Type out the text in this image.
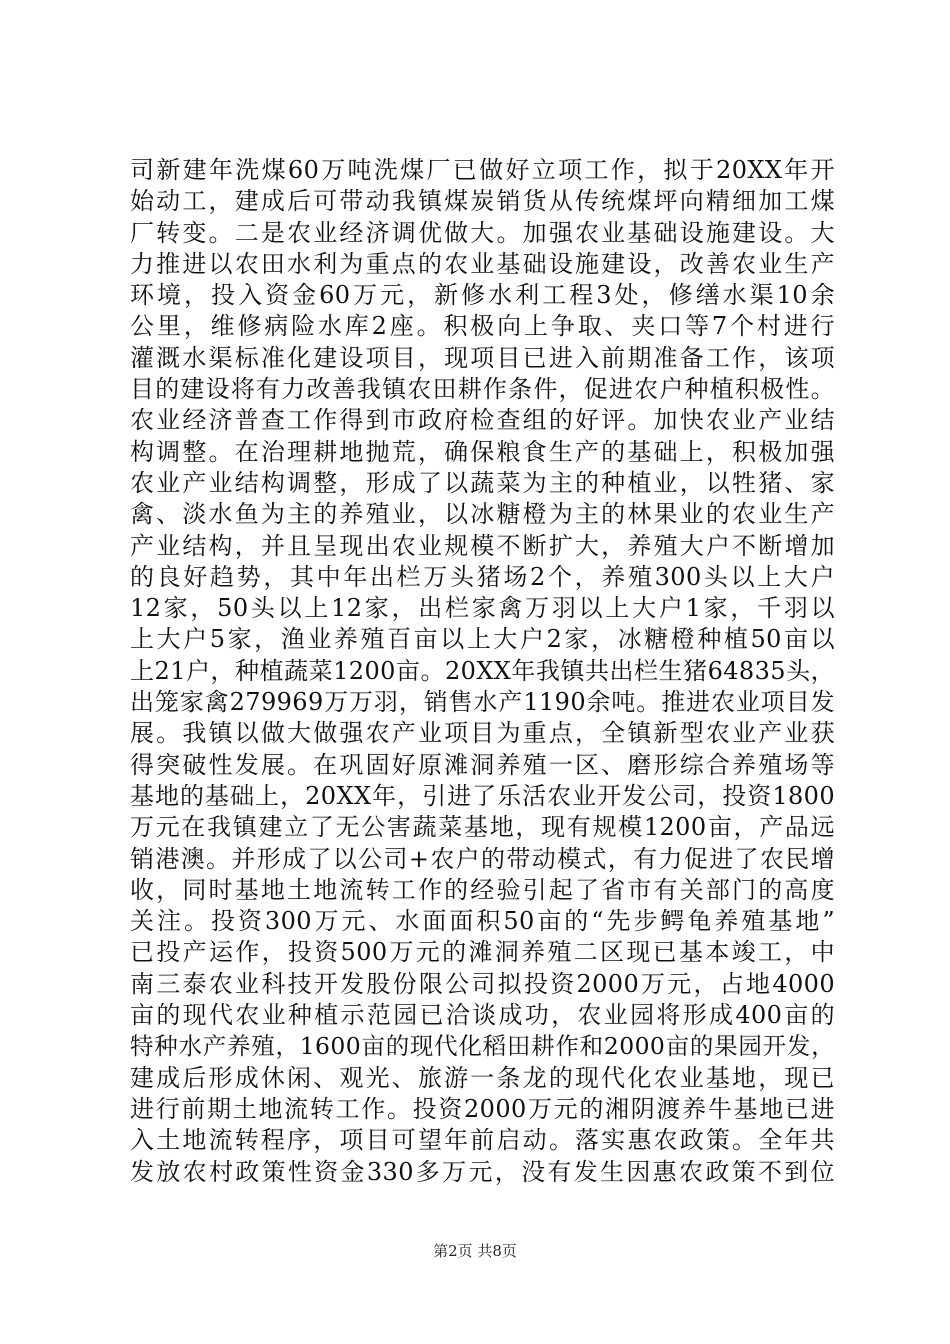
司新建年洗煤60万吨洗煤厂已做好立项工作，拟于20XX年开
始动工，建成后可带动我镇煤炭销货从传统煤坪向精细加工煤
厂转变。二是农业经济调优做大。加强农业基础设施建设。大
力推进以农田水利为重点的农业基础设施建设，改善农业生产
环境，投入资金60万元，新修水利工程3处，修缮水渠10余
公里，维修病险水库2座。积极向上争取、夹口等7个村进行
灌溉水渠标准化建设项目，现项目已进入前期准备工作，该项
目的建设将有力改善我镇农田耕作条件，促进农户种植积极性。
农业经济普查工作得到市政府检查组的好评。加快农业产业结
构调整。在治理耕地抛荒，确保粮食生产的基础上，积极加强
农业产业结构调整，形成了以蔬菜为主的种植业，以牲猪、家
禽、淡水鱼为主的养殖业，以冰糖橙为主的林果业的农业生产
产业结构，并且呈现出农业规模不断扩大，养殖大户不断增加
的良好趋势，其中年出栏万头猪场2个，养殖300头以上大户
12家，50头以上12家，出栏家禽万羽以上大户1家，千羽以
上大户5家，渔业养殖百亩以上大户2家，冰糖橙种植50亩以
上21户，种植蔬菜1200亩。20XX年我镇共出栏生猪64835头，
出笼家禽279969万万羽，销售水产1190余吨。推进农业项目发
展。我镇以做大做强农产业项目为重点，全镇新型农业产业获
得突破性发展。在巩固好原滩洞养殖一区、磨形综合养殖场等
基地的基础上，20XX年，引进了乐活农业开发公司，投资1800
万元在我镇建立了无公害蔬菜基地，现有规模1200亩，产品远
销港澳。并形成了以公司+农户的带动模式，有力促进了农民增
收，同时基地土地流转工作的经验引起了省市有关部门的高度
关注。投资300万元、水面面积50亩的“先步鳄龟养殖基地”
已投产运作，投资500万元的滩洞养殖二区现已基本竣工，中
南三泰农业科技开发股份限公司拟投资2000万元，占地4000
亩的现代农业种植示范园已洽谈成功，农业园将形成400亩的
特种水产养殖，1600亩的现代化稻田耕作和2000亩的果园开发，
建成后形成休闲、观光、旅游一条龙的现代化农业基地，现已
进行前期土地流转工作。投资2000万元的湘阴渡养牛基地已进
入土地流转程序，项目可望年前启动。落实惠农政策。全年共
发放农村政策性资金330多万元，没有发生因惠农政策不到位
第2页 共8页
